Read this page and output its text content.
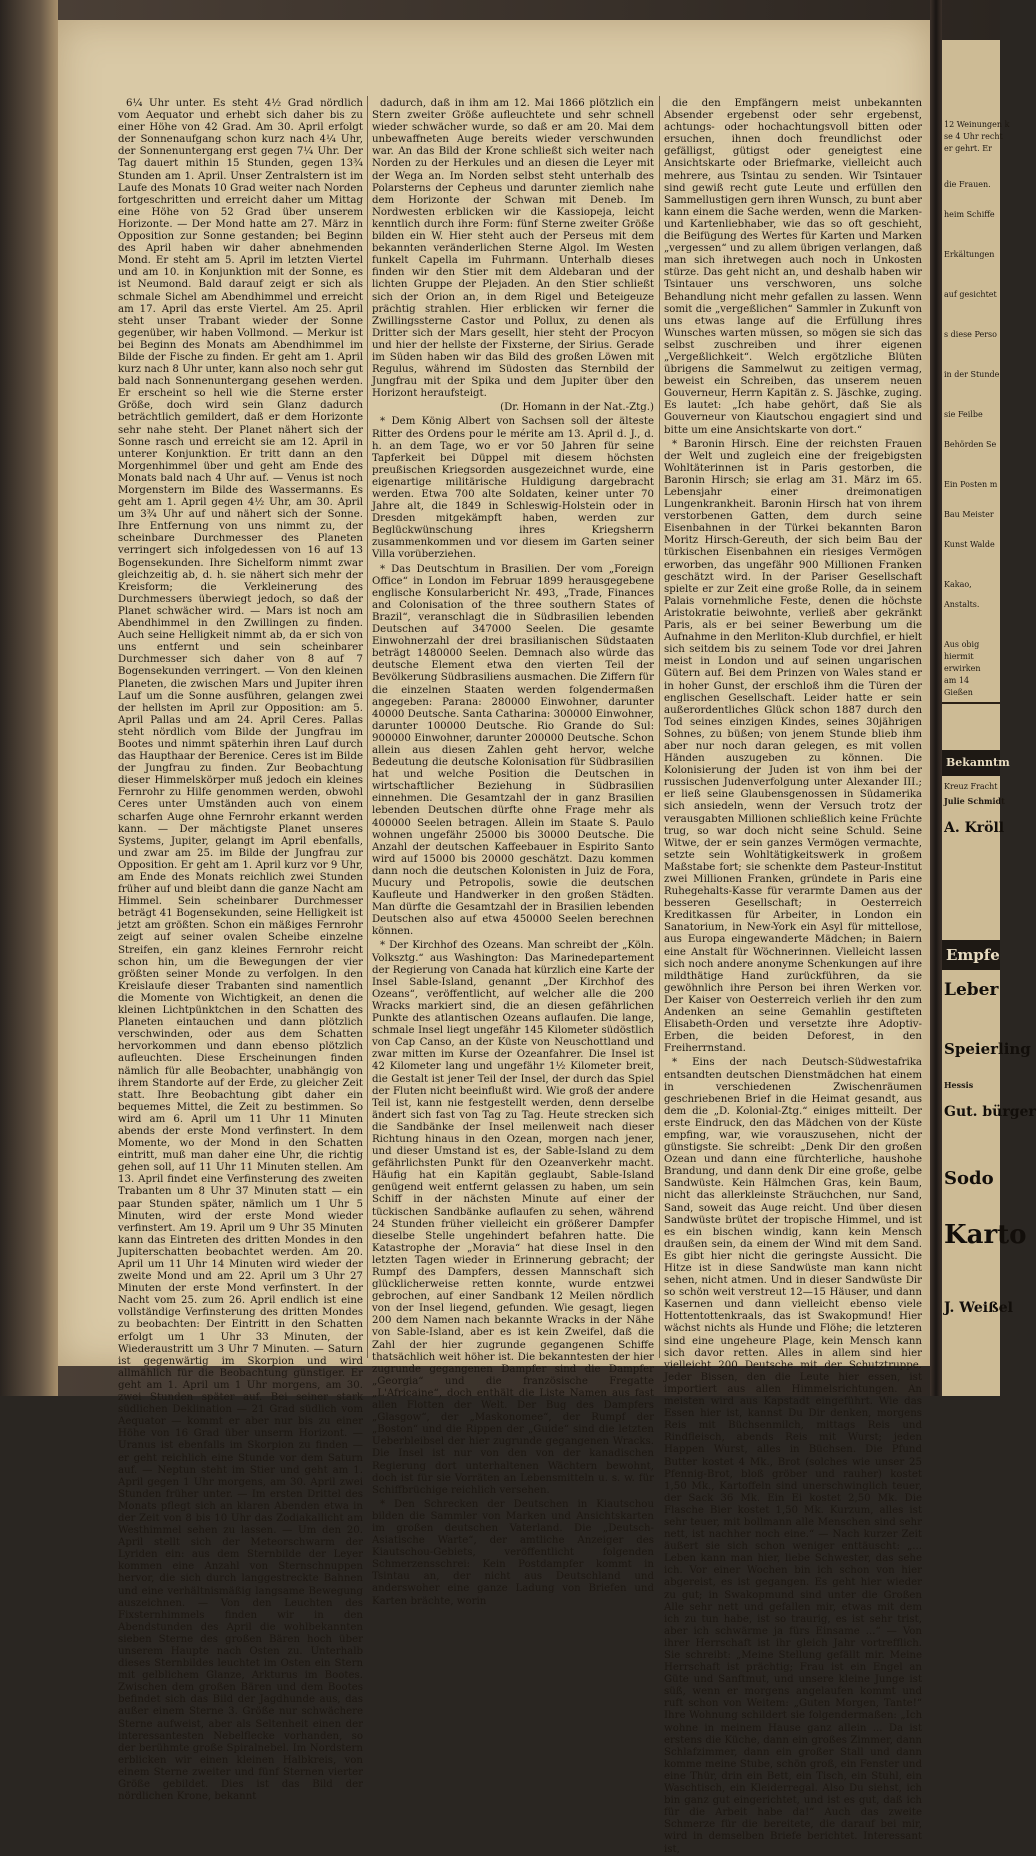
6¼ Uhr unter. Es steht 4½ Grad nördlich vom Aequator und erhebt sich daher bis zu einer Höhe von 42 Grad. Am 30. April erfolgt der Sonnenaufgang schon kurz nach 4¼ Uhr, der Sonnenuntergang erst gegen 7¼ Uhr. Der Tag dauert mithin 15 Stunden, gegen 13¾ Stunden am 1. April. Unser Zentralstern ist im Laufe des Monats 10 Grad weiter nach Norden fortgeschritten und erreicht daher um Mittag eine Höhe von 52 Grad über unserem Horizonte. — Der Mond hatte am 27. März in Opposition zur Sonne gestanden; bei Beginn des April haben wir daher abnehmenden Mond. Er steht am 5. April im letzten Viertel und am 10. in Konjunktion mit der Sonne, es ist Neumond. Bald darauf zeigt er sich als schmale Sichel am Abendhimmel und erreicht am 17. April das erste Viertel. Am 25. April steht unser Trabant wieder der Sonne gegenüber, wir haben Vollmond. — Merkur ist bei Beginn des Monats am Abendhimmel im Bilde der Fische zu finden. Er geht am 1. April kurz nach 8 Uhr unter, kann also noch sehr gut bald nach Sonnenuntergang gesehen werden. Er erscheint so hell wie die Sterne erster Größe, doch wird sein Glanz dadurch beträchtlich gemildert, daß er dem Horizonte sehr nahe steht. Der Planet nähert sich der Sonne rasch und erreicht sie am 12. April in unterer Konjunktion. Er tritt dann an den Morgenhimmel über und geht am Ende des Monats bald nach 4 Uhr auf. — Venus ist noch Morgenstern im Bilde des Wassermanns. Es geht am 1. April gegen 4½ Uhr, am 30. April um 3¾ Uhr auf und nähert sich der Sonne. Ihre Entfernung von uns nimmt zu, der scheinbare Durchmesser des Planeten verringert sich infolgedessen von 16 auf 13 Bogensekunden. Ihre Sichelform nimmt zwar gleichzeitig ab, d. h. sie nähert sich mehr der Kreisform; die Verkleinerung des Durchmessers überwiegt jedoch, so daß der Planet schwächer wird. — Mars ist noch am Abendhimmel in den Zwillingen zu finden. Auch seine Helligkeit nimmt ab, da er sich von uns entfernt und sein scheinbarer Durchmesser sich daher von 8 auf 7 Bogensekunden verringert. — Von den kleinen Planeten, die zwischen Mars und Jupiter ihren Lauf um die Sonne ausführen, gelangen zwei der hellsten im April zur Opposition: am 5. April Pallas und am 24. April Ceres. Pallas steht nördlich vom Bilde der Jungfrau im Bootes und nimmt späterhin ihren Lauf durch das Haupthaar der Berenice. Ceres ist im Bilde der Jungfrau zu finden. Zur Beobachtung dieser Himmelskörper muß jedoch ein kleines Fernrohr zu Hilfe genommen werden, obwohl Ceres unter Umständen auch von einem scharfen Auge ohne Fernrohr erkannt werden kann. — Der mächtigste Planet unseres Systems, Jupiter, gelangt im April ebenfalls, und zwar am 25. im Bilde der Jungfrau zur Opposition. Er geht am 1. April kurz vor 9 Uhr, am Ende des Monats reichlich zwei Stunden früher auf und bleibt dann die ganze Nacht am Himmel. Sein scheinbarer Durchmesser beträgt 41 Bogensekunden, seine Helligkeit ist jetzt am größten. Schon ein mäßiges Fernrohr zeigt auf seiner ovalen Scheibe einzelne Streifen, ein ganz kleines Fernrohr reicht schon hin, um die Bewegungen der vier größten seiner Monde zu verfolgen. In den Kreislaufe dieser Trabanten sind namentlich die Momente von Wichtigkeit, an denen die kleinen Lichtpünktchen in den Schatten des Planeten eintauchen und dann plötzlich verschwinden, oder aus dem Schatten hervorkommen und dann ebenso plötzlich aufleuchten. Diese Erscheinungen finden nämlich für alle Beobachter, unabhängig von ihrem Standorte auf der Erde, zu gleicher Zeit statt. Ihre Beobachtung gibt daher ein bequemes Mittel, die Zeit zu bestimmen. So wird am 6. April um 11 Uhr 11 Minuten abends der erste Mond verfinstert. In dem Momente, wo der Mond in den Schatten eintritt, muß man daher eine Uhr, die richtig gehen soll, auf 11 Uhr 11 Minuten stellen. Am 13. April findet eine Verfinsterung des zweiten Trabanten um 8 Uhr 37 Minuten statt — ein paar Stunden später, nämlich um 1 Uhr 5 Minuten, wird der erste Mond wieder verfinstert. Am 19. April um 9 Uhr 35 Minuten kann das Eintreten des dritten Mondes in den Jupiterschatten beobachtet werden. Am 20. April um 11 Uhr 14 Minuten wird wieder der zweite Mond und am 22. April um 3 Uhr 27 Minuten der erste Mond verfinstert. In der Nacht vom 25. zum 26. April endlich ist eine vollständige Verfinsterung des dritten Mondes zu beobachten: Der Eintritt in den Schatten erfolgt um 1 Uhr 33 Minuten, der Wiederaustritt um 3 Uhr 7 Minuten. — Saturn ist gegenwärtig im Skorpion und wird allmählich für die Beobachtung günstiger. Er geht am 1. April um 1 Uhr morgens, am 30. zwei Stunden später auf. Bei seiner stark südlichen Deklination — 21 Grad südlich vom Aequator — kommt er aber nur bis zu einer Höhe von 16 Grad über unserm Horizont. — Uranus ist ebenfalls im Skorpion zu finden — er geht reichlich eine Stunde vor dem Saturn auf. — Neptun steht im Stier und geht am 1. April gegen 1 Uhr morgens, am 30. April zwei Stunden früher unter. — Im ersten Drittel des Monats pflegt sich an klaren Abenden etwa in der Zeit von 8 bis 10 Uhr das Zodiakallicht am Westhimmel sehen zu lassen. — Um den 20. April stellt sich der Meteorschwarm der Lyriden ein: aus dem Sternbilde der Leyer kommen eine Anzahl von Sternschnuppen hervor, die sich durch langgestreckte Bahnen und eine verhältnismäßig langsame Bewegung auszeichnen. — Von den Leuchten des Fixsternhimmels finden wir in den Abendstunden des April die wohlbekannten sieben Sterne des großen Bären hoch über unserem Haupte nach Osten zu. Unterhalb dieses Sternbildes leuchtet im Osten ein Stern mit gelblichem Glanze, Arkturus im Bootes. Zwischen dem großen Bären und dem Bootes befindet sich das Bild der Jagdhunde aus, das außer einem Sterne 3. Größe nur schwächere Sterne aufweist, aber als Seltenheit einen der interessantesten Nebelflecke vorhanden, so der berühmte große Spiralnebel. Im Nordstern erblicken wir einen kleinen Halbkreis, von einem Sterne zweiter und fünf Sternen vierter Größe gebildet. Dies ist das Bild der nördlichen Krone, bekannt

dadurch, daß in ihm am 12. Mai 1866 plötzlich ein Stern zweiter Größe aufleuchtete und sehr schnell wieder schwächer wurde, so daß er am 20. Mai dem unbewaffneten Auge bereits wieder verschwunden war. An das Bild der Krone schließt sich weiter nach Norden zu der Herkules und an diesen die Leyer mit der Wega an. Im Norden selbst steht unterhalb des Polarsterns der Cepheus und darunter ziemlich nahe dem Horizonte der Schwan mit Deneb. Im Nordwesten erblicken wir die Kassiopeja, leicht kenntlich durch ihre Form: fünf Sterne zweiter Größe bilden ein W. Hier steht auch der Perseus mit dem bekannten veränderlichen Sterne Algol. Im Westen funkelt Capella im Fuhrmann. Unterhalb dieses finden wir den Stier mit dem Aldebaran und der lichten Gruppe der Plejaden. An den Stier schließt sich der Orion an, in dem Rigel und Beteigeuze prächtig strahlen. Hier erblicken wir ferner die Zwillingssterne Castor und Pollux, zu denen als Dritter sich der Mars gesellt, hier steht der Procyon und hier der hellste der Fixsterne, der Sirius. Gerade im Süden haben wir das Bild des großen Löwen mit Regulus, während im Südosten das Sternbild der Jungfrau mit der Spika und dem Jupiter über den Horizont heraufsteigt.

(Dr. Homann in der Nat.-Ztg.)

* Dem König Albert von Sachsen soll der älteste Ritter des Ordens pour le mérite am 13. April d. J., d. h. an dem Tage, wo er vor 50 Jahren für seine Tapferkeit bei Düppel mit diesem höchsten preußischen Kriegsorden ausgezeichnet wurde, eine eigenartige militärische Huldigung dargebracht werden. Etwa 700 alte Soldaten, keiner unter 70 Jahre alt, die 1849 in Schleswig-Holstein oder in Dresden mitgekämpft haben, werden zur Beglückwünschung ihres Kriegsherrn zusammenkommen und vor diesem im Garten seiner Villa vorüberziehen.

* Das Deutschtum in Brasilien. Der vom „Foreign Office“ in London im Februar 1899 herausgegebene englische Konsularbericht Nr. 493, „Trade, Finances and Colonisation of the three southern States of Brazil“, veranschlagt die in Südbrasilien lebenden Deutschen auf 347000 Seelen. Die gesamte Einwohnerzahl der drei brasilianischen Südstaaten beträgt 1480000 Seelen. Demnach also würde das deutsche Element etwa den vierten Teil der Bevölkerung Südbrasiliens ausmachen. Die Ziffern für die einzelnen Staaten werden folgendermaßen angegeben: Parana: 280000 Einwohner, darunter 40000 Deutsche. Santa Catharina: 300000 Einwohner, darunter 100000 Deutsche. Rio Grande do Sul: 900000 Einwohner, darunter 200000 Deutsche. Schon allein aus diesen Zahlen geht hervor, welche Bedeutung die deutsche Kolonisation für Südbrasilien hat und welche Position die Deutschen in wirtschaftlicher Beziehung in Südbrasilien einnehmen. Die Gesamtzahl der in ganz Brasilien lebenden Deutschen dürfte ohne Frage mehr als 400000 Seelen betragen. Allein im Staate S. Paulo wohnen ungefähr 25000 bis 30000 Deutsche. Die Anzahl der deutschen Kaffeebauer in Espirito Santo wird auf 15000 bis 20000 geschätzt. Dazu kommen dann noch die deutschen Kolonisten in Juiz de Fora, Mucury und Petropolis, sowie die deutschen Kaufleute und Handwerker in den großen Städten. Man dürfte die Gesamtzahl der in Brasilien lebenden Deutschen also auf etwa 450000 Seelen berechnen können.

* Der Kirchhof des Ozeans. Man schreibt der „Köln. Volksztg.“ aus Washington: Das Marinedepartement der Regierung von Canada hat kürzlich eine Karte der Insel Sable-Island, genannt „Der Kirchhof des Ozeans“, veröffentlicht, auf welcher alle die 200 Wracks markiert sind, die an diesen gefährlichen Punkte des atlantischen Ozeans auflaufen. Die lange, schmale Insel liegt ungefähr 145 Kilometer südöstlich von Cap Canso, an der Küste von Neuschottland und zwar mitten im Kurse der Ozeanfahrer. Die Insel ist 42 Kilometer lang und ungefähr 1½ Kilometer breit, die Gestalt ist jener Teil der Insel, der durch das Spiel der Fluten nicht beeinflußt wird. Wie groß der andere Teil ist, kann nie festgestellt werden, denn derselbe ändert sich fast von Tag zu Tag. Heute strecken sich die Sandbänke der Insel meilenweit nach dieser Richtung hinaus in den Ozean, morgen nach jener, und dieser Umstand ist es, der Sable-Island zu dem gefährlichsten Punkt für den Ozeanverkehr macht. Häufig hat ein Kapitän geglaubt, Sable-Island genügend weit entfernt gelassen zu haben, um sein Schiff in der nächsten Minute auf einer der tückischen Sandbänke auflaufen zu sehen, während 24 Stunden früher vielleicht ein größerer Dampfer dieselbe Stelle ungehindert befahren hatte. Die Katastrophe der „Moravia“ hat diese Insel in den letzten Tagen wieder in Erinnerung gebracht; der Rumpf des Dampfers, dessen Mannschaft sich glücklicherweise retten konnte, wurde entzwei gebrochen, auf einer Sandbank 12 Meilen nördlich von der Insel liegend, gefunden. Wie gesagt, liegen 200 dem Namen nach bekannte Wracks in der Nähe von Sable-Island, aber es ist kein Zweifel, daß die Zahl der hier zugrunde gegangenen Schiffe thatsächlich weit höher ist. Die bekanntesten der hier zugrunde gegangenen Dampfer sind die Dampfer „Georgia“ und die französische Fregatte „L'Africaine“, doch enthält die Liste Namen aus fast allen Flotten der Welt. Der Bug des Dampfers „Glasgow“, der „Maskonomee“, der Rumpf der „Boston“ und die Rippen der „Guide“ sind die letzten Ueberbleibsel der hier zugrunde gegangenen Wracks. Die Insel ist nur von den von der kanadischen Regierung dort unterhaltenen Wächtern bewohnt, doch ist für sie Vorräten an Lebensmitteln u. s. w. für Schiffbrüchige reichlich versehen.

* Den Schrecken der Deutschen in Kiautschou bilden die Sammler von Marken und Ansichtskarten im großen deutschen Vaterland. Die „Deutsch-Asiatische Warte“, der amtliche Anzeiger des Kiautschou-Gebiets, veröffentlicht folgenden Schmerzensschrei: Kein Postdampfer kommt in Tsintau an, der nicht aus Deutschland und anderswoher eine ganze Ladung von Briefen und Karten brächte, worin

die den Empfängern meist unbekannten Absender ergebenst oder sehr ergebenst, achtungs- oder hochachtungsvoll bitten oder ersuchen, ihnen doch freundlichst oder gefälligst, gütigst oder geneigtest eine Ansichtskarte oder Briefmarke, vielleicht auch mehrere, aus Tsintau zu senden. Wir Tsintauer sind gewiß recht gute Leute und erfüllen den Sammellustigen gern ihren Wunsch, zu bunt aber kann einem die Sache werden, wenn die Marken- und Kartenliebhaber, wie das so oft geschieht, die Beifügung des Wertes für Karten und Marken „vergessen“ und zu allem übrigen verlangen, daß man sich ihretwegen auch noch in Unkosten stürze. Das geht nicht an, und deshalb haben wir Tsintauer uns verschworen, uns solche Behandlung nicht mehr gefallen zu lassen. Wenn somit die „vergeßlichen“ Sammler in Zukunft von uns etwas lange auf die Erfüllung ihres Wunsches warten müssen, so mögen sie sich das selbst zuschreiben und ihrer eigenen „Vergeßlichkeit“. Welch ergötzliche Blüten übrigens die Sammelwut zu zeitigen vermag, beweist ein Schreiben, das unserem neuen Gouverneur, Herrn Kapitän z. S. Jäschke, zuging. Es lautet: „Ich habe gehört, daß Sie als Gouverneur von Kiautschou engagiert sind und bitte um eine Ansichtskarte von dort.“

* Baronin Hirsch. Eine der reichsten Frauen der Welt und zugleich eine der freigebigsten Wohltäterinnen ist in Paris gestorben, die Baronin Hirsch; sie erlag am 31. März im 65. Lebensjahr einer dreimonatigen Lungenkrankheit. Baronin Hirsch hat von ihrem verstorbenen Gatten, dem durch seine Eisenbahnen in der Türkei bekannten Baron Moritz Hirsch-Gereuth, der sich beim Bau der türkischen Eisenbahnen ein riesiges Vermögen erworben, das ungefähr 900 Millionen Franken geschätzt wird. In der Pariser Gesellschaft spielte er zur Zeit eine große Rolle, da in seinem Palais vornehmliche Feste, denen die höchste Aristokratie beiwohnte, verließ aber gekränkt Paris, als er bei seiner Bewerbung um die Aufnahme in den Merliton-Klub durchfiel, er hielt sich seitdem bis zu seinem Tode vor drei Jahren meist in London und auf seinen ungarischen Gütern auf. Bei dem Prinzen von Wales stand er in hoher Gunst, der erschloß ihm die Türen der englischen Gesellschaft. Leider hatte er sein außerordentliches Glück schon 1887 durch den Tod seines einzigen Kindes, seines 30jährigen Sohnes, zu büßen; von jenem Stunde blieb ihm aber nur noch daran gelegen, es mit vollen Händen auszugeben zu können. Die Kolonisierung der Juden ist von ihm bei der russischen Judenverfolgung unter Alexander III.; er ließ seine Glaubensgenossen in Südamerika sich ansiedeln, wenn der Versuch trotz der verausgabten Millionen schließlich keine Früchte trug, so war doch nicht seine Schuld. Seine Witwe, der er sein ganzes Vermögen vermachte, setzte sein Wohltätigkeitswerk in großem Maßstabe fort; sie schenkte dem Pasteur-Institut zwei Millionen Franken, gründete in Paris eine Ruhegehalts-Kasse für verarmte Damen aus der besseren Gesellschaft; in Oesterreich Kreditkassen für Arbeiter, in London ein Sanatorium, in New-York ein Asyl für mittellose, aus Europa eingewanderte Mädchen; in Baiern eine Anstalt für Wöchnerinnen. Vielleicht lassen sich noch andere anonyme Schenkungen auf ihre mildthätige Hand zurückführen, da sie gewöhnlich ihre Person bei ihren Werken vor. Der Kaiser von Oesterreich verlieh ihr den zum Andenken an seine Gemahlin gestifteten Elisabeth-Orden und versetzte ihre Adoptiv-Erben, die beiden Deforest, in den Freiherrnstand.

* Eins der nach Deutsch-Südwestafrika entsandten deutschen Dienstmädchen hat einem in verschiedenen Zwischenräumen geschriebenen Brief in die Heimat gesandt, aus dem die „D. Kolonial-Ztg.“ einiges mitteilt. Der erste Eindruck, den das Mädchen von der Küste empfing, war, wie vorauszusehen, nicht der günstigste. Sie schreibt: „Denk Dir den großen Ozean und dann eine fürchterliche, haushohe Brandung, und dann denk Dir eine große, gelbe Sandwüste. Kein Hälmchen Gras, kein Baum, nicht das allerkleinste Sträuchchen, nur Sand, Sand, soweit das Auge reicht. Und über diesen Sandwüste brütet der tropische Himmel, und ist es ein bischen windig, kann kein Mensch draußen sein, da einem der Wind mit dem Sand. Es gibt hier nicht die geringste Aussicht. Die Hitze ist in diese Sandwüste man kann nicht sehen, nicht atmen. Und in dieser Sandwüste Dir so schön weit verstreut 12—15 Häuser, und dann Kasernen und dann vielleicht ebenso viele Hottentottenkraals, das ist Swakopmund! Hier wächst nichts als Hunde und Flöhe; die letzteren sind eine ungeheure Plage, kein Mensch kann sich davor retten. Alles in allem sind hier vielleicht 200 Deutsche mit der Schutztruppe. Jeder Bissen, den die Leute hier essen, ist importiert aus allen Himmelsrichtungen. An meisten wird aus Kapstadt eingeführt. Wie das Essen hier ist, kannst Du Dir denken, morgens Reis mit Büchsenmilch, mittags Reis und Rindfleisch, abends Reis mit Wurst; jeden Happen Wurst, alles in Büchsen. Die Pfund Butter kostet 4 Mk., Brot (solches wie unser 25 Pfennig-Brot, bloß gröber und rauher) kostet 1,50 Mk., Kartoffeln sind unerschwinglich teuer, der Sack 36 Mk. Ein Ei kostet 2,50 Mk. Die Flasche Bier kostet 1,50 Mk. Kurzum, alles ist sehr teuer, mit bollmann alle Menschen sind sehr nett, ist nachher noch eine.“ — Nach kurzer Zeit äußert sie sich schon weniger enttäuscht: „... Leben kann man hier, liebe Schwester, das sehe ich. Vor einer Wochen bin ich schon von hier abgereist, es ist gegangen. Es geht hier wieder zu gut; in Swakopmund sind unter die Großen Alle sehr nett und gefallen mir, etwas mit dem ich zu tun habe, ist so traurig, es ist sehr trist, aber ich schwärme ja fürs Einsame ...“ — Von ihrer Herrschaft ist ihr gleich Jahr vortrefflich. Sie schreibt: „Meine Stellung gefällt mir. Meine Herrschaft ist prächtig; Frau ist ein Engel an Güte und Sanftmut, und unsere kleine Junge ist süß, wenn er morgens angelaufen kommt und ruft schon von Weitem: „Guten Morgen, Tante!“ Ihre Wohnung schildert sie folgendermaßen: „Ich wohne in meinem Hause ganz allein ... Da ist erstens die Küche, dann ein großes Zimmer, dann Schlafzimmer, dann ein großer Stall und dann komme meine Stube, schön groß, ein Fenster und eine Thür, drin ein Bett, ein Tisch, ein Stuhl, ein Waschtisch, ein Kleiderregal. Also Du siehst, ich bin ganz gut eingerichtet, und ist es gut, daß ich für die Arbeit habe da!“ Auch das zweite Schmerze für die bereitete, die darauf bei mir, wird in demselben Briefe berichtet. Interessant ist,

12 Weinungen k
se 4 Uhr recht
er gehrt. Er
die Frauen.
heim Schiffe
Erkältungen
auf gesichtet
s diese Perso
in der Stunde
sie Feilbe
Behörden Se
Ein Posten m
Bau Meister
Kunst Walde
Kakao,
Anstalts.
Aus obig
hiermit
erwirken
am 14
Gießen
Bekanntm
Kreuz Fracht
Julie Schmidt
A. Kröll
Empfe
Leber
Speierling
Hessis
Gut. bürger
Sodo
Karto
J. Weißel
